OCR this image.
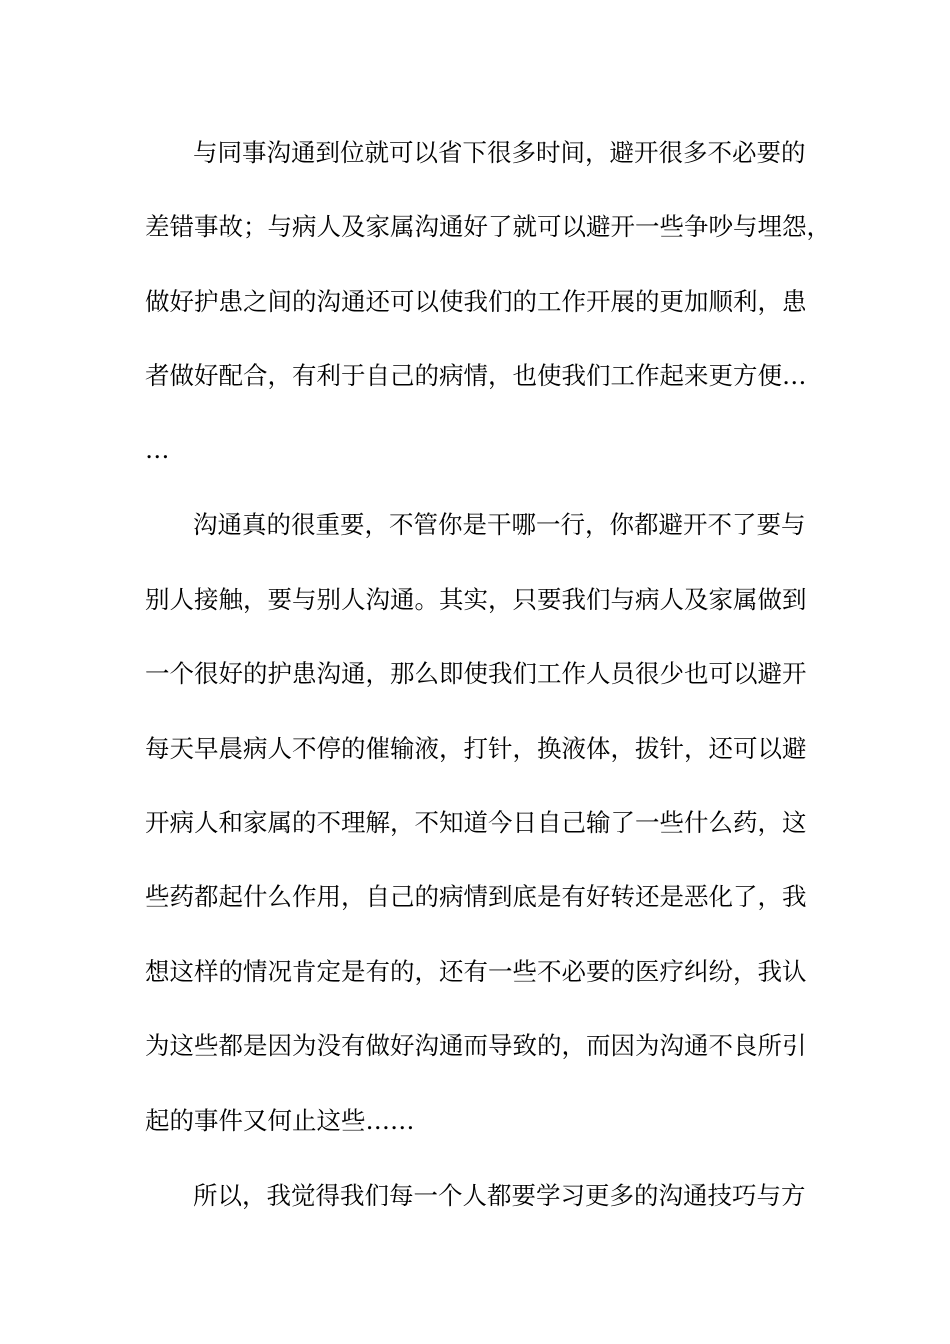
与同事沟通到位就可以省下很多时间，避开很多不必要的
差错事故；与病人及家属沟通好了就可以避开一些争吵与埋怨，
做好护患之间的沟通还可以使我们的工作开展的更加顺利，患
者做好配合，有利于自己的病情，也使我们工作起来更方便…
…
沟通真的很重要，不管你是干哪一行，你都避开不了要与
别人接触，要与别人沟通。其实，只要我们与病人及家属做到
一个很好的护患沟通，那么即使我们工作人员很少也可以避开
每天早晨病人不停的催输液，打针，换液体，拔针，还可以避
开病人和家属的不理解，不知道今日自己输了一些什么药，这
些药都起什么作用，自己的病情到底是有好转还是恶化了，我
想这样的情况肯定是有的，还有一些不必要的医疗纠纷，我认
为这些都是因为没有做好沟通而导致的，而因为沟通不良所引
起的事件又何止这些……
所以，我觉得我们每一个人都要学习更多的沟通技巧与方
